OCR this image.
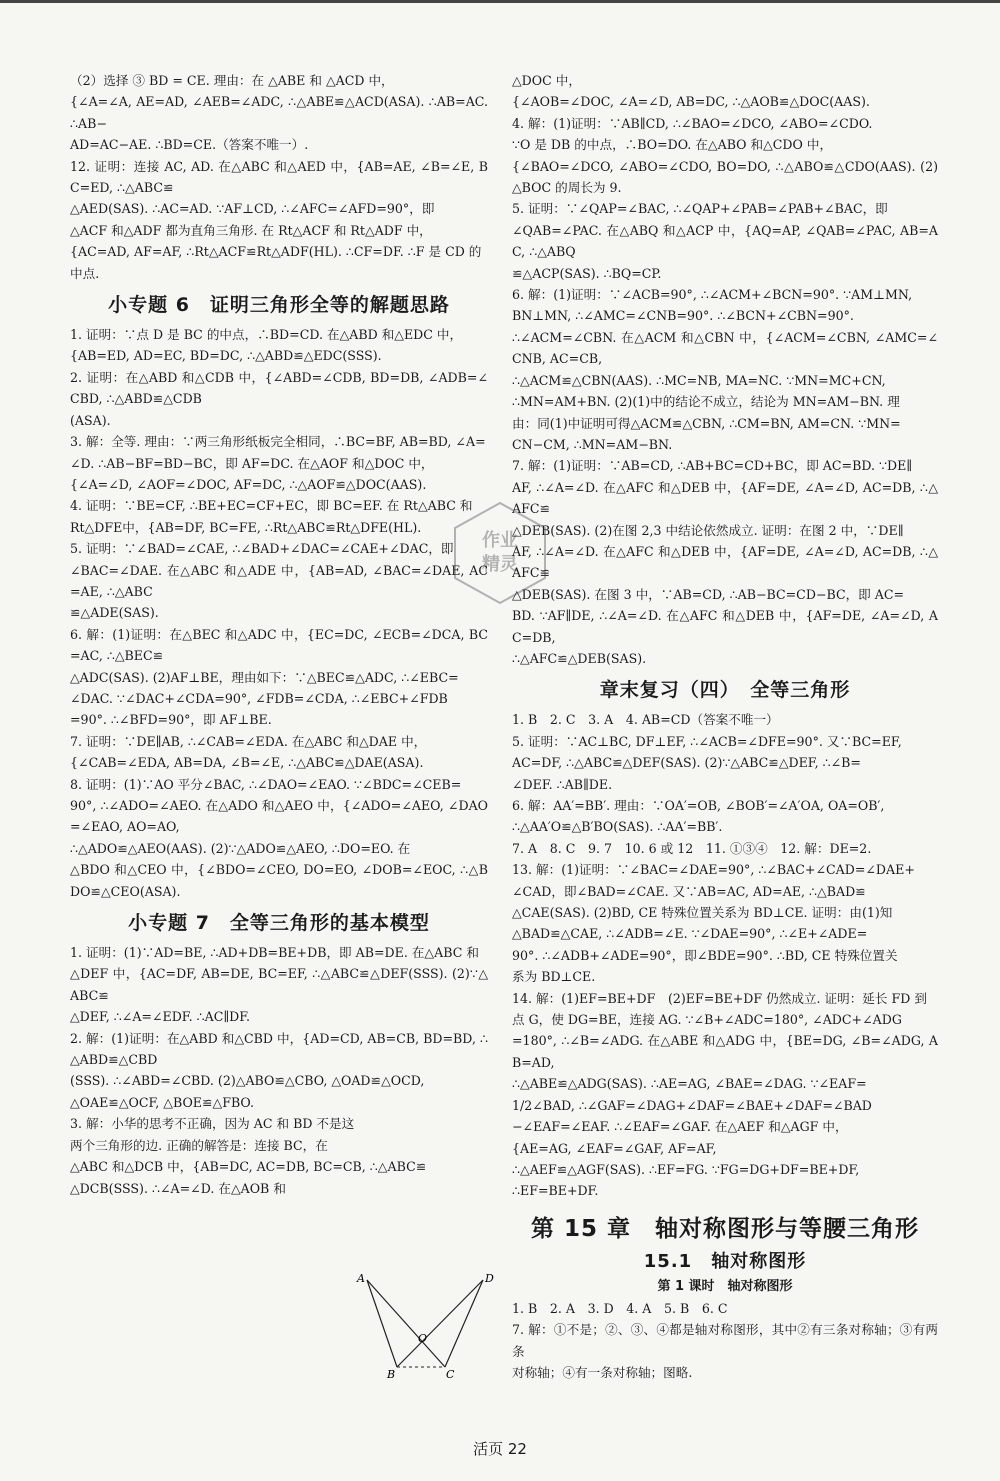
（2）选择 ③ BD = CE. 理由：在 △ABE 和 △ACD 中，

{∠A=∠A, AE=AD, ∠AEB=∠ADC, ∴△ABE≌△ACD(ASA). ∴AB=AC. ∴AB−

AD=AC−AE. ∴BD=CE.（答案不唯一）.

12. 证明：连接 AC, AD. 在△ABC 和△AED 中，{AB=AE, ∠B=∠E, BC=ED, ∴△ABC≌

△AED(SAS). ∴AC=AD. ∵AF⊥CD, ∴∠AFC=∠AFD=90°，即

△ACF 和△ADF 都为直角三角形. 在 Rt△ACF 和 Rt△ADF 中，

{AC=AD, AF=AF, ∴Rt△ACF≌Rt△ADF(HL). ∴CF=DF. ∴F 是 CD 的

中点.

小专题 6　证明三角形全等的解题思路

1. 证明：∵点 D 是 BC 的中点，∴BD=CD. 在△ABD 和△EDC 中，

{AB=ED, AD=EC, BD=DC, ∴△ABD≌△EDC(SSS).

2. 证明：在△ABD 和△CDB 中，{∠ABD=∠CDB, BD=DB, ∠ADB=∠CBD, ∴△ABD≌△CDB

(ASA).

3. 解：全等. 理由：∵两三角形纸板完全相同，∴BC=BF, AB=BD, ∠A=

∠D. ∴AB−BF=BD−BC，即 AF=DC. 在△AOF 和△DOC 中，

{∠A=∠D, ∠AOF=∠DOC, AF=DC, ∴△AOF≌△DOC(AAS).

4. 证明：∵BE=CF, ∴BE+EC=CF+EC，即 BC=EF. 在 Rt△ABC 和

Rt△DFE中，{AB=DF, BC=FE, ∴Rt△ABC≌Rt△DFE(HL).

5. 证明：∵∠BAD=∠CAE, ∴∠BAD+∠DAC=∠CAE+∠DAC，即

∠BAC=∠DAE. 在△ABC 和△ADE 中，{AB=AD, ∠BAC=∠DAE, AC=AE, ∴△ABC

≌△ADE(SAS).

6. 解：(1)证明：在△BEC 和△ADC 中，{EC=DC, ∠ECB=∠DCA, BC=AC, ∴△BEC≌

△ADC(SAS). (2)AF⊥BE，理由如下：∵△BEC≌△ADC, ∴∠EBC=

∠DAC. ∵∠DAC+∠CDA=90°, ∠FDB=∠CDA, ∴∠EBC+∠FDB

=90°. ∴∠BFD=90°，即 AF⊥BE.

7. 证明：∵DE∥AB, ∴∠CAB=∠EDA. 在△ABC 和△DAE 中，

{∠CAB=∠EDA, AB=DA, ∠B=∠E, ∴△ABC≌△DAE(ASA).

8. 证明：(1)∵AO 平分∠BAC, ∴∠DAO=∠EAO. ∵∠BDC=∠CEB=

90°, ∴∠ADO=∠AEO. 在△ADO 和△AEO 中，{∠ADO=∠AEO, ∠DAO=∠EAO, AO=AO,

∴△ADO≌△AEO(AAS). (2)∵△ADO≌△AEO, ∴DO=EO. 在

△BDO 和△CEO 中，{∠BDO=∠CEO, DO=EO, ∠DOB=∠EOC, ∴△BDO≌△CEO(ASA).

小专题 7　全等三角形的基本模型

1. 证明：(1)∵AD=BE, ∴AD+DB=BE+DB，即 AB=DE. 在△ABC 和

△DEF 中，{AC=DF, AB=DE, BC=EF, ∴△ABC≌△DEF(SSS). (2)∵△ABC≌

△DEF, ∴∠A=∠EDF. ∴AC∥DF.

2. 解：(1)证明：在△ABD 和△CBD 中，{AD=CD, AB=CB, BD=BD, ∴△ABD≌△CBD

(SSS). ∴∠ABD=∠CBD. (2)△ABO≌△CBO, △OAD≌△OCD,

△OAE≌△OCF, △BOE≌△FBO.

3. 解：小华的思考不正确，因为 AC 和 BD 不是这

两个三角形的边. 正确的解答是：连接 BC，在

△ABC 和△DCB 中，{AB=DC, AC=DB, BC=CB, ∴△ABC≌

△DCB(SSS). ∴∠A=∠D. 在△AOB 和

A	D
O
B	C

△DOC 中，

{∠AOB=∠DOC, ∠A=∠D, AB=DC, ∴△AOB≌△DOC(AAS).

4. 解：(1)证明：∵AB∥CD, ∴∠BAO=∠DCO, ∠ABO=∠CDO.

∵O 是 DB 的中点，∴BO=DO. 在△ABO 和△CDO 中，

{∠BAO=∠DCO, ∠ABO=∠CDO, BO=DO, ∴△ABO≌△CDO(AAS). (2)△BOC 的周长为 9.

5. 证明：∵∠QAP=∠BAC, ∴∠QAP+∠PAB=∠PAB+∠BAC，即

∠QAB=∠PAC. 在△ABQ 和△ACP 中，{AQ=AP, ∠QAB=∠PAC, AB=AC, ∴△ABQ

≌△ACP(SAS). ∴BQ=CP.

6. 解：(1)证明：∵∠ACB=90°, ∴∠ACM+∠BCN=90°. ∵AM⊥MN,

BN⊥MN, ∴∠AMC=∠CNB=90°. ∴∠BCN+∠CBN=90°.

∴∠ACM=∠CBN. 在△ACM 和△CBN 中，{∠ACM=∠CBN, ∠AMC=∠CNB, AC=CB,

∴△ACM≌△CBN(AAS). ∴MC=NB, MA=NC. ∵MN=MC+CN,

∴MN=AM+BN. (2)(1)中的结论不成立，结论为 MN=AM−BN. 理

由：同(1)中证明可得△ACM≌△CBN, ∴CM=BN, AM=CN. ∵MN=

CN−CM, ∴MN=AM−BN.

7. 解：(1)证明：∵AB=CD, ∴AB+BC=CD+BC，即 AC=BD. ∵DE∥

AF, ∴∠A=∠D. 在△AFC 和△DEB 中，{AF=DE, ∠A=∠D, AC=DB, ∴△AFC≌

△DEB(SAS). (2)在图 2,3 中结论依然成立. 证明：在图 2 中，∵DE∥

AF, ∴∠A=∠D. 在△AFC 和△DEB 中，{AF=DE, ∠A=∠D, AC=DB, ∴△AFC≌

△DEB(SAS). 在图 3 中，∵AB=CD, ∴AB−BC=CD−BC，即 AC=

BD. ∵AF∥DE, ∴∠A=∠D. 在△AFC 和△DEB 中，{AF=DE, ∠A=∠D, AC=DB,

∴△AFC≌△DEB(SAS).

章末复习（四）　全等三角形

1. B　2. C　3. A　4. AB=CD（答案不唯一）

5. 证明：∵AC⊥BC, DF⊥EF, ∴∠ACB=∠DFE=90°. 又∵BC=EF,

AC=DF, ∴△ABC≌△DEF(SAS). (2)∵△ABC≌△DEF, ∴∠B=

∠DEF. ∴AB∥DE.

6. 解：AA′=BB′. 理由：∵OA′=OB, ∠BOB′=∠A′OA, OA=OB′,

∴△AA′O≌△B′BO(SAS). ∴AA′=BB′.

7. A　8. C　9. 7　10. 6 或 12　11. ①③④　12. 解：DE=2.

13. 解：(1)证明：∵∠BAC=∠DAE=90°, ∴∠BAC+∠CAD=∠DAE+

∠CAD，即∠BAD=∠CAE. 又∵AB=AC, AD=AE, ∴△BAD≌

△CAE(SAS). (2)BD, CE 特殊位置关系为 BD⊥CE. 证明：由(1)知

△BAD≌△CAE, ∴∠ADB=∠E. ∵∠DAE=90°, ∴∠E+∠ADE=

90°. ∴∠ADB+∠ADE=90°，即∠BDE=90°. ∴BD, CE 特殊位置关

系为 BD⊥CE.

14. 解：(1)EF=BE+DF　(2)EF=BE+DF 仍然成立. 证明：延长 FD 到

点 G，使 DG=BE，连接 AG. ∵∠B+∠ADC=180°, ∠ADC+∠ADG

=180°, ∴∠B=∠ADG. 在△ABE 和△ADG 中，{BE=DG, ∠B=∠ADG, AB=AD,

∴△ABE≌△ADG(SAS). ∴AE=AG, ∠BAE=∠DAG. ∵∠EAF=

1/2∠BAD, ∴∠GAF=∠DAG+∠DAF=∠BAE+∠DAF=∠BAD

−∠EAF=∠EAF. ∴∠EAF=∠GAF. 在△AEF 和△AGF 中，

{AE=AG, ∠EAF=∠GAF, AF=AF,

∴△AEF≌△AGF(SAS). ∴EF=FG. ∵FG=DG+DF=BE+DF,

∴EF=BE+DF.

第 15 章　轴对称图形与等腰三角形
15.1　轴对称图形
第 1 课时　轴对称图形

1. B　2. A　3. D　4. A　5. B　6. C

7. 解：①不是；②、③、④都是轴对称图形，其中②有三条对称轴；③有两条

对称轴；④有一条对称轴；图略.

作业
精灵
活页 22
